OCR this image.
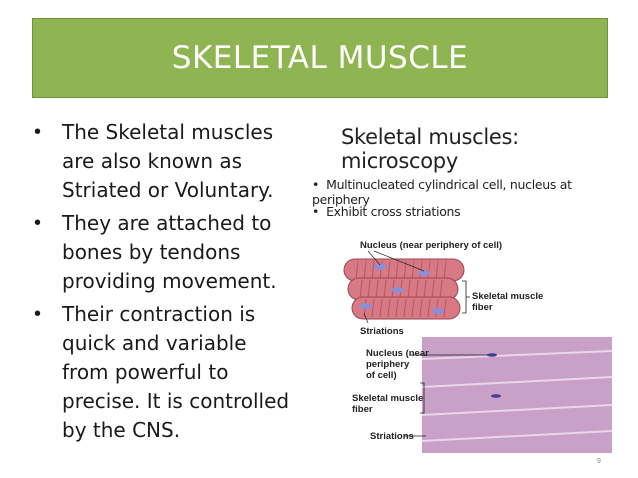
SKELETAL MUSCLE
•	The Skeletal muscles
are also known as
Striated or Voluntary.
•	They are attached to
bones by tendons
providing movement.
•	Their contraction is
quick and variable
from powerful to
precise. It is controlled
by the CNS.
Skeletal muscles: microscopy
• Multinucleated cylindrical cell, nucleus at periphery
• Exhibit cross striations
Nucleus (near periphery of cell)
Skeletal muscle
fiber
Striations
Nucleus (near
periphery
of cell)
Skeletal muscle
fiber
Striations
9
